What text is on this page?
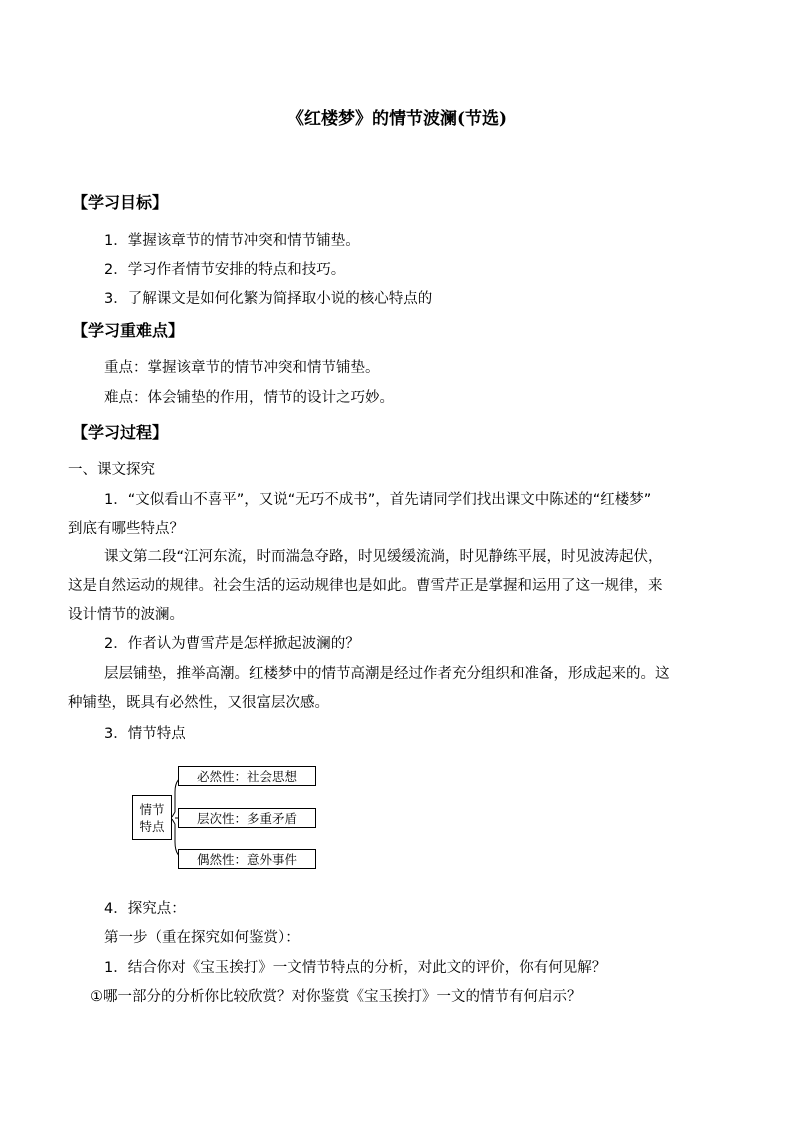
《红楼梦》的情节波澜(节选)
【学习目标】
1．掌握该章节的情节冲突和情节铺垫。
2．学习作者情节安排的特点和技巧。
3．了解课文是如何化繁为简择取小说的核心特点的
【学习重难点】
重点：掌握该章节的情节冲突和情节铺垫。
难点：体会铺垫的作用，情节的设计之巧妙。
【学习过程】
一、课文探究
1．“文似看山不喜平”，又说“无巧不成书”，首先请同学们找出课文中陈述的“红楼梦”
到底有哪些特点？
课文第二段“江河东流，时而湍急夺路，时见缓缓流淌，时见静练平展，时见波涛起伏，
这是自然运动的规律。社会生活的运动规律也是如此。曹雪芹正是掌握和运用了这一规律，来
设计情节的波澜。
2．作者认为曹雪芹是怎样掀起波澜的？
层层铺垫，推举高潮。红楼梦中的情节高潮是经过作者充分组织和准备，形成起来的。这
种铺垫，既具有必然性，又很富层次感。
3．情节特点
情节
特点
必然性：社会思想
层次性：多重矛盾
偶然性：意外事件
4．探究点：
第一步（重在探究如何鉴赏）：
1．结合你对《宝玉挨打》一文情节特点的分析，对此文的评价，你有何见解？
①哪一部分的分析你比较欣赏？对你鉴赏《宝玉挨打》一文的情节有何启示？
